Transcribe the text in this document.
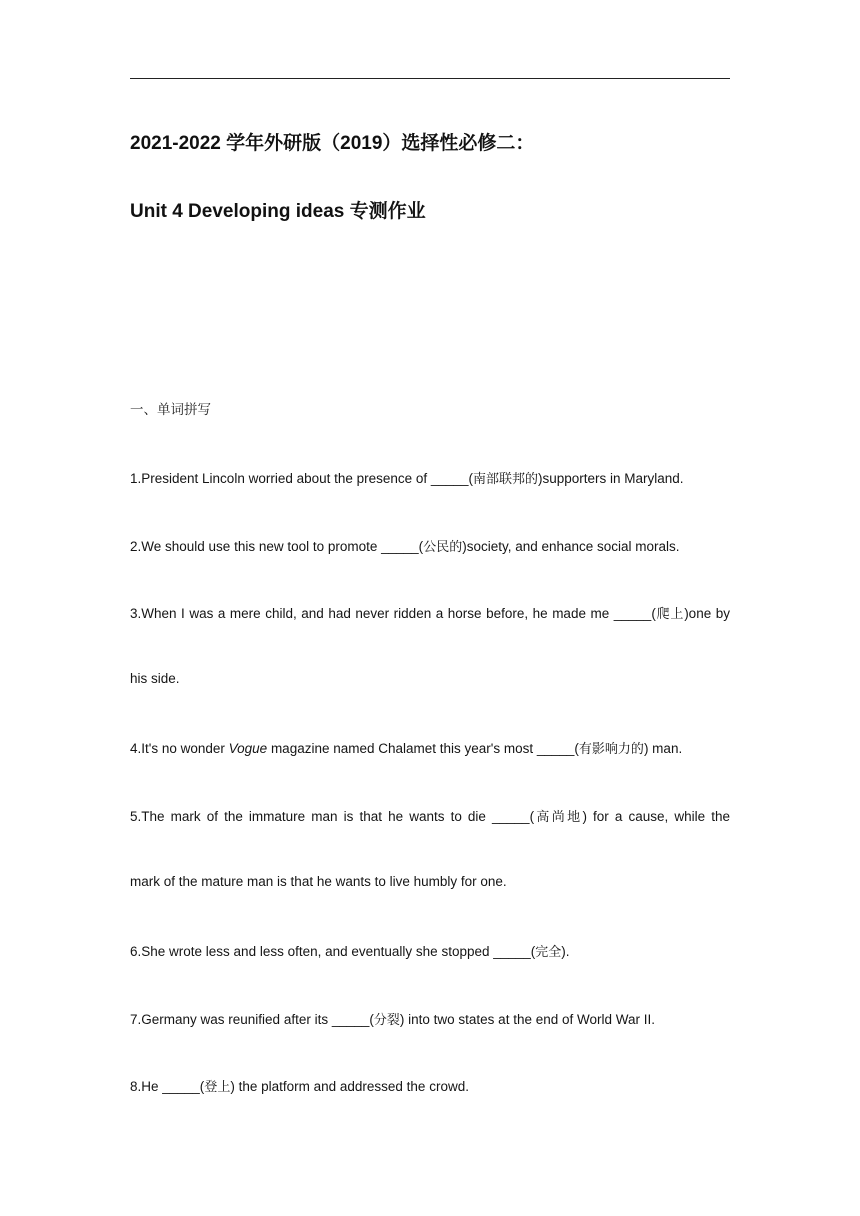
2021-2022 学年外研版（2019）选择性必修二：
Unit 4 Developing ideas 专测作业
一、单词拼写
1.President Lincoln worried about the presence of _____(南部联邦的)supporters in Maryland.
2.We should use this new tool to promote _____(公民的)society, and enhance social morals.
3.When I was a mere child, and had never ridden a horse before, he made me _____(爬上)one by
his side.
4.It's no wonder Vogue magazine named Chalamet this year's most _____(有影响力的) man.
5.The mark of the immature man is that he wants to die _____(高尚地) for a cause, while the
mark of the mature man is that he wants to live humbly for one.
6.She wrote less and less often, and eventually she stopped _____(完全).
7.Germany was reunified after its _____(分裂) into two states at the end of World War II.
8.He _____(登上) the platform and addressed the crowd.
